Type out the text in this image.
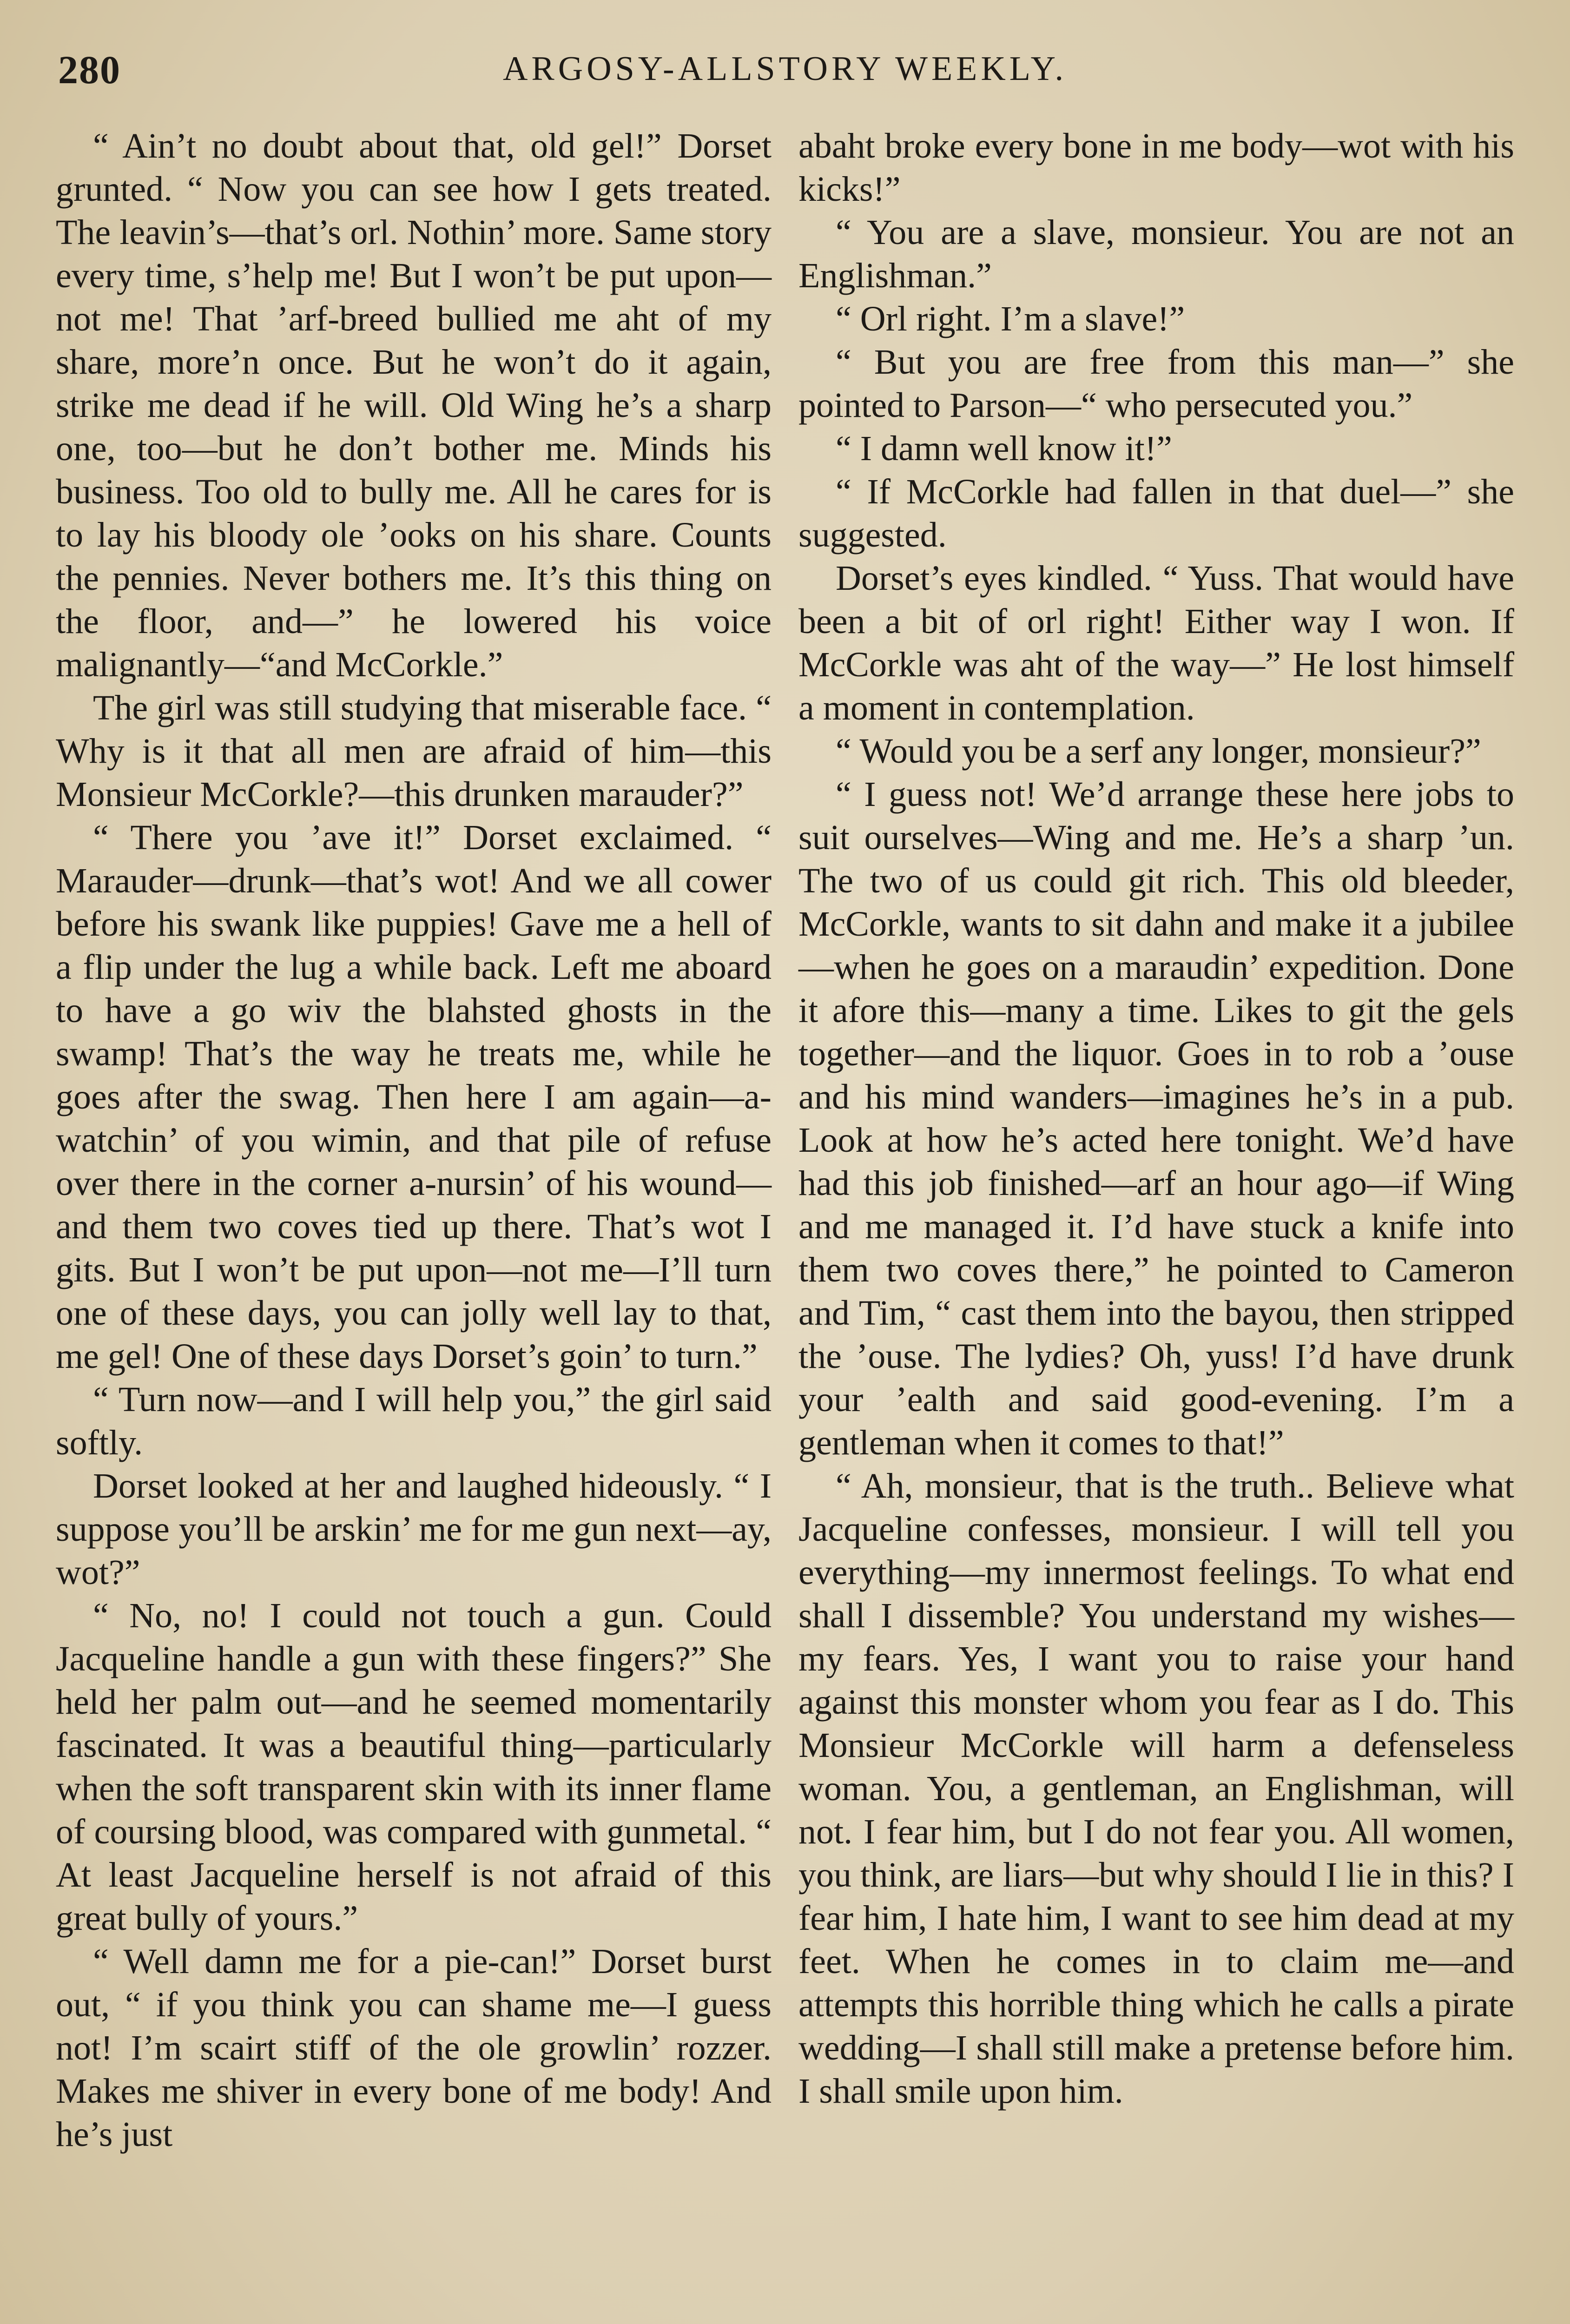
280	ARGOSY-ALLSTORY WEEKLY.

“ Ain’t no doubt about that, old gel!” Dorset grunted. “ Now you can see how I gets treated. The leavin’s—that’s orl. Nothin’ more. Same story every time, s’help me! But I won’t be put upon—not me! That ’arf-breed bullied me aht of my share, more’n once. But he won’t do it again, strike me dead if he will. Old Wing he’s a sharp one, too—but he don’t bother me. Minds his business. Too old to bully me. All he cares for is to lay his bloody ole ’ooks on his share. Counts the pennies. Never bothers me. It’s this thing on the floor, and—” he lowered his voice malignantly—“and McCorkle.”

The girl was still studying that miserable face. “ Why is it that all men are afraid of him—this Monsieur McCorkle?—this drunken marauder?”

“ There you ’ave it!” Dorset exclaimed. “ Marauder—drunk—that’s wot! And we all cower before his swank like puppies! Gave me a hell of a flip under the lug a while back. Left me aboard to have a go wiv the blahsted ghosts in the swamp! That’s the way he treats me, while he goes after the swag. Then here I am again—a-watchin’ of you wimin, and that pile of refuse over there in the corner a-nursin’ of his wound—and them two coves tied up there. That’s wot I gits. But I won’t be put upon—not me—I’ll turn one of these days, you can jolly well lay to that, me gel! One of these days Dorset’s goin’ to turn.”

“ Turn now—and I will help you,” the girl said softly.

Dorset looked at her and laughed hideously. “ I suppose you’ll be arskin’ me for me gun next—ay, wot?”

“ No, no! I could not touch a gun. Could Jacqueline handle a gun with these fingers?” She held her palm out—and he seemed momentarily fascinated. It was a beautiful thing—particularly when the soft transparent skin with its inner flame of coursing blood, was compared with gunmetal. “ At least Jacqueline herself is not afraid of this great bully of yours.”

“ Well damn me for a pie-can!” Dorset burst out, “ if you think you can shame me—I guess not! I’m scairt stiff of the ole growlin’ rozzer. Makes me shiver in every bone of me body! And he’s just

abaht broke every bone in me body—wot with his kicks!”

“ You are a slave, monsieur. You are not an Englishman.”

“ Orl right. I’m a slave!”

“ But you are free from this man—” she pointed to Parson—“ who persecuted you.”

“ I damn well know it!”

“ If McCorkle had fallen in that duel—” she suggested.

Dorset’s eyes kindled. “ Yuss. That would have been a bit of orl right! Either way I won. If McCorkle was aht of the way—” He lost himself a moment in contemplation.

“ Would you be a serf any longer, monsieur?”

“ I guess not! We’d arrange these here jobs to suit ourselves—Wing and me. He’s a sharp ’un. The two of us could git rich. This old bleeder, McCorkle, wants to sit dahn and make it a jubilee—when he goes on a maraudin’ expedition. Done it afore this—many a time. Likes to git the gels together—and the liquor. Goes in to rob a ’ouse and his mind wanders—imagines he’s in a pub. Look at how he’s acted here tonight. We’d have had this job finished—arf an hour ago—if Wing and me managed it. I’d have stuck a knife into them two coves there,” he pointed to Cameron and Tim, “ cast them into the bayou, then stripped the ’ouse. The lydies? Oh, yuss! I’d have drunk your ’ealth and said good-evening. I’m a gentleman when it comes to that!”

“ Ah, monsieur, that is the truth.. Believe what Jacqueline confesses, monsieur. I will tell you everything—my innermost feelings. To what end shall I dissemble? You understand my wishes—my fears. Yes, I want you to raise your hand against this monster whom you fear as I do. This Monsieur McCorkle will harm a defenseless woman. You, a gentleman, an Englishman, will not. I fear him, but I do not fear you. All women, you think, are liars—but why should I lie in this? I fear him, I hate him, I want to see him dead at my feet. When he comes in to claim me—and attempts this horrible thing which he calls a pirate wedding—I shall still make a pretense before him. I shall smile upon him.
